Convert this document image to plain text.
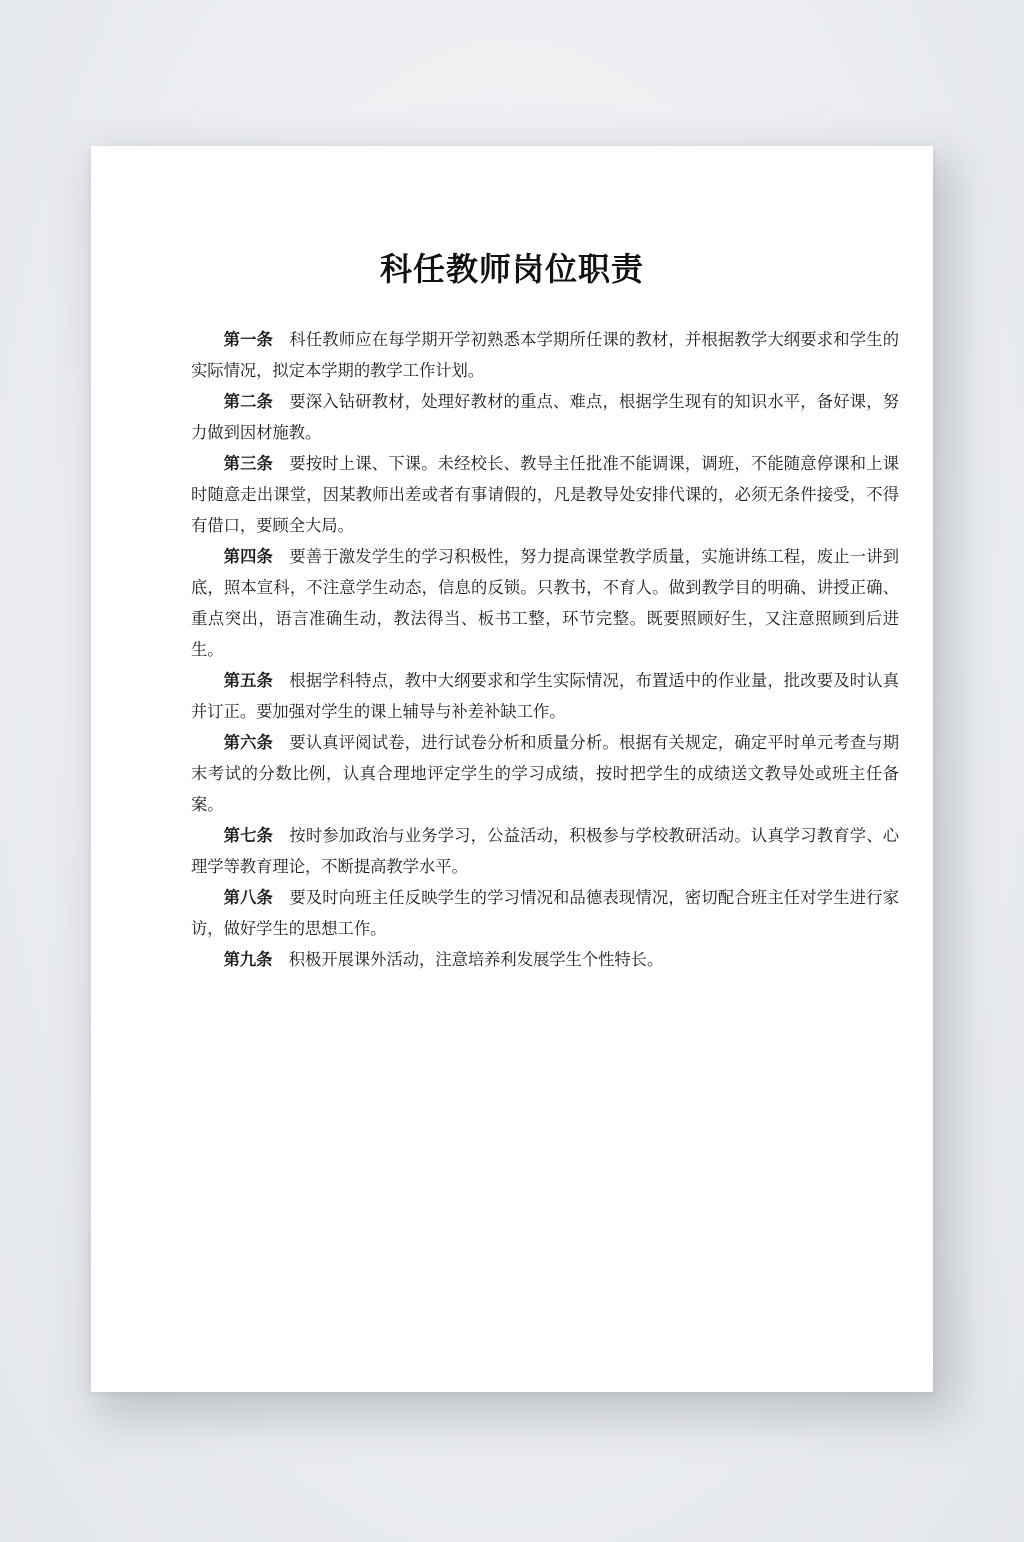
科任教师岗位职责

第一条 科任教师应在每学期开学初熟悉本学期所任课的教材，并根据教学大纲要求和学生的实际情况，拟定本学期的教学工作计划。

第二条 要深入钻研教材，处理好教材的重点、难点，根据学生现有的知识水平，备好课，努力做到因材施教。

第三条 要按时上课、下课。未经校长、教导主任批准不能调课，调班，不能随意停课和上课时随意走出课堂，因某教师出差或者有事请假的，凡是教导处安排代课的，必须无条件接受，不得有借口，要顾全大局。

第四条 要善于激发学生的学习积极性，努力提高课堂教学质量，实施讲练工程，废止一讲到底，照本宣科，不注意学生动态，信息的反锁。只教书，不育人。做到教学目的明确、讲授正确、重点突出，语言准确生动，教法得当、板书工整，环节完整。既要照顾好生，又注意照顾到后进生。

第五条 根据学科特点，教中大纲要求和学生实际情况，布置适中的作业量，批改要及时认真并订正。要加强对学生的课上辅导与补差补缺工作。

第六条 要认真评阅试卷，进行试卷分析和质量分析。根据有关规定，确定平时单元考查与期末考试的分数比例，认真合理地评定学生的学习成绩，按时把学生的成绩送文教导处或班主任备案。

第七条 按时参加政治与业务学习，公益活动，积极参与学校教研活动。认真学习教育学、心理学等教育理论，不断提高教学水平。

第八条 要及时向班主任反映学生的学习情况和品德表现情况，密切配合班主任对学生进行家访，做好学生的思想工作。

第九条 积极开展课外活动，注意培养利发展学生个性特长。
